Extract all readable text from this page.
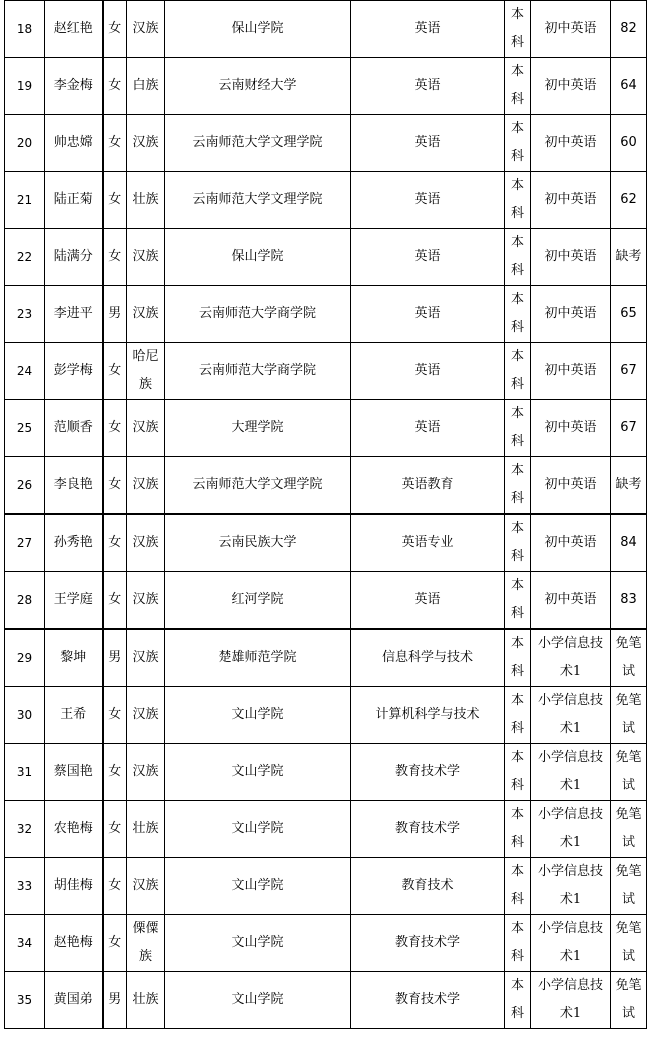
18	赵红艳	女	汉族	保山学院	英语	本科	初中英语	82
19	李金梅	女	白族	云南财经大学	英语	本科	初中英语	64
20	帅忠嫦	女	汉族	云南师范大学文理学院	英语	本科	初中英语	60
21	陆正菊	女	壮族	云南师范大学文理学院	英语	本科	初中英语	62
22	陆满分	女	汉族	保山学院	英语	本科	初中英语	缺考
23	李进平	男	汉族	云南师范大学商学院	英语	本科	初中英语	65
24	彭学梅	女	哈尼族	云南师范大学商学院	英语	本科	初中英语	67
25	范顺香	女	汉族	大理学院	英语	本科	初中英语	67
26	李良艳	女	汉族	云南师范大学文理学院	英语教育	本科	初中英语	缺考
27	孙秀艳	女	汉族	云南民族大学	英语专业	本科	初中英语	84
28	王学庭	女	汉族	红河学院	英语	本科	初中英语	83
29	黎坤	男	汉族	楚雄师范学院	信息科学与技术	本科	小学信息技术1	免笔试
30	王希	女	汉族	文山学院	计算机科学与技术	本科	小学信息技术1	免笔试
31	蔡国艳	女	汉族	文山学院	教育技术学	本科	小学信息技术1	免笔试
32	农艳梅	女	壮族	文山学院	教育技术学	本科	小学信息技术1	免笔试
33	胡佳梅	女	汉族	文山学院	教育技术	本科	小学信息技术1	免笔试
34	赵艳梅	女	傈僳族	文山学院	教育技术学	本科	小学信息技术1	免笔试
35	黄国弟	男	壮族	文山学院	教育技术学	本科	小学信息技术1	免笔试
